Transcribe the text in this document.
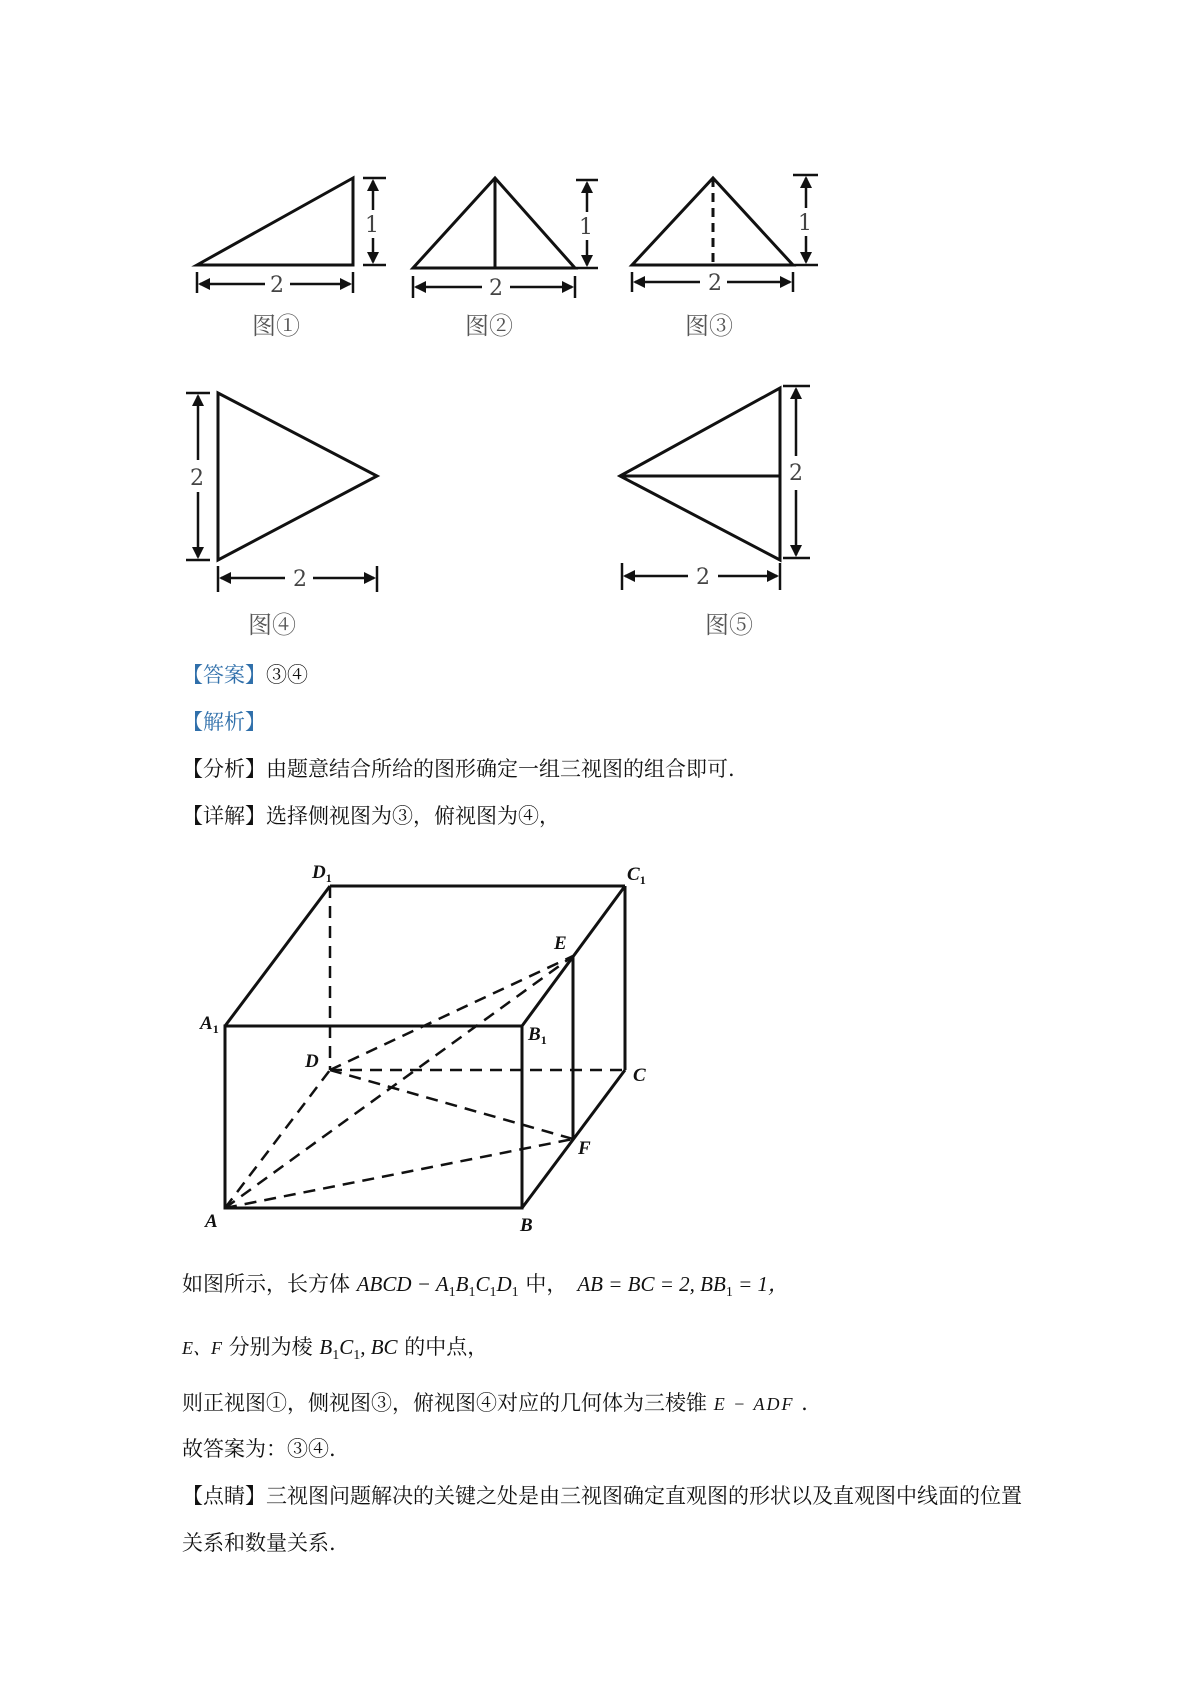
2
1
2
1
2
1
图①	图②	图③
2
2
2
2
图④	图⑤
【答案】③④
【解析】
【分析】由题意结合所给的图形确定一组三视图的组合即可.
【详解】选择侧视图为③，俯视图为④，
$D_1$	$C_1$
E
$A_1$	$B_1$
D
C
F
A	B
如图所示，长方体 ABCD − $A_1B_1C_1D_1$ 中， AB = BC = 2, $BB_1 = 1$，
E、F 分别为棱 $B_1C_1$, BC 的中点，
则正视图①，侧视图③，俯视图④对应的几何体为三棱锥 E − ADF .
故答案为：③④.
【点睛】三视图问题解决的关键之处是由三视图确定直观图的形状以及直观图中线面的位置
关系和数量关系.
